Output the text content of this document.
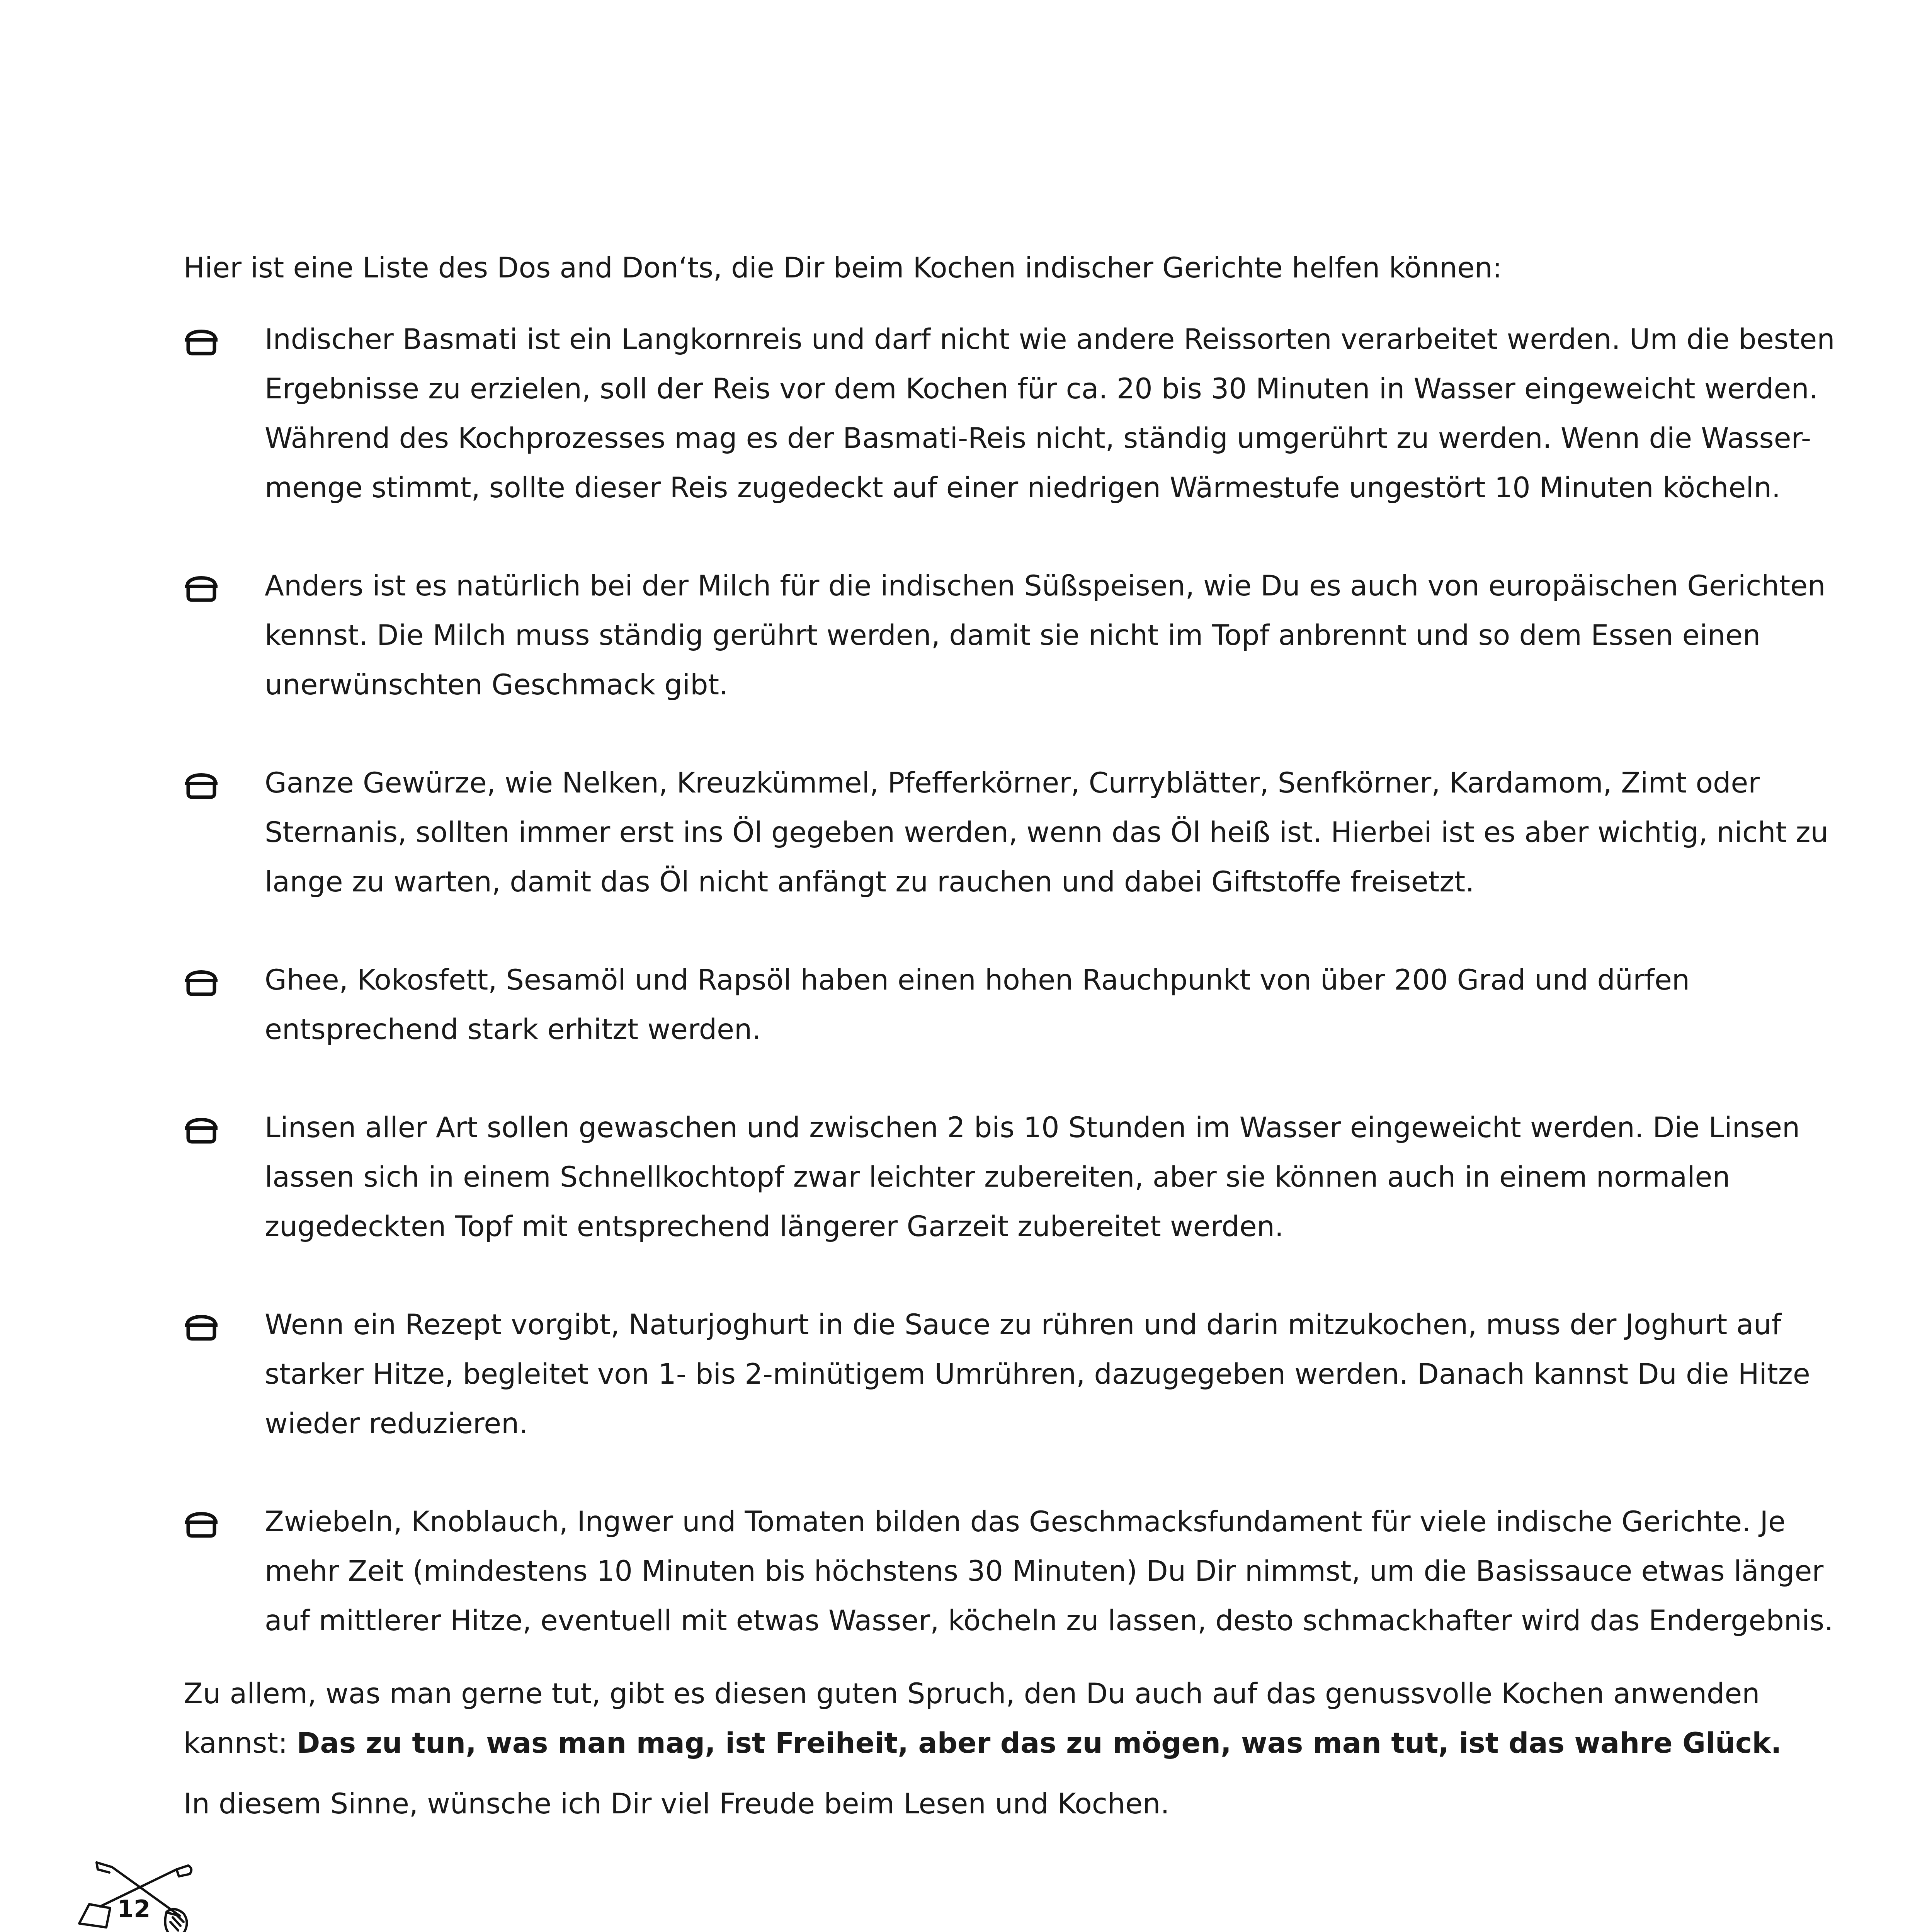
Hier ist eine Liste des Dos and Don‘ts, die Dir beim Kochen indischer Gerichte helfen können:

Indischer Basmati ist ein Langkornreis und darf nicht wie andere Reissorten verarbeitet werden. Um die besten Ergebnisse zu erzielen, soll der Reis vor dem Kochen für ca. 20 bis 30 Minuten in Wasser eingeweicht werden. Während des Kochprozesses mag es der Basmati-Reis nicht, ständig umgerührt zu werden. Wenn die Wasser-menge stimmt, sollte dieser Reis zugedeckt auf einer niedrigen Wärmestufe ungestört 10 Minuten köcheln.
Anders ist es natürlich bei der Milch für die indischen Süßspeisen, wie Du es auch von europäischen Gerichten kennst. Die Milch muss ständig gerührt werden, damit sie nicht im Topf anbrennt und so dem Essen einen unerwünschten Geschmack gibt.
Ganze Gewürze, wie Nelken, Kreuzkümmel, Pfefferkörner, Curryblätter, Senfkörner, Kardamom, Zimt oder Sternanis, sollten immer erst ins Öl gegeben werden, wenn das Öl heiß ist. Hierbei ist es aber wichtig, nicht zu lange zu warten, damit das Öl nicht anfängt zu rauchen und dabei Giftstoffe freisetzt.
Ghee, Kokosfett, Sesamöl und Rapsöl haben einen hohen Rauchpunkt von über 200 Grad und dürfen entsprechend stark erhitzt werden.
Linsen aller Art sollen gewaschen und zwischen 2 bis 10 Stunden im Wasser eingeweicht werden. Die Linsen lassen sich in einem Schnellkochtopf zwar leichter zubereiten, aber sie können auch in einem normalen zugedeckten Topf mit entsprechend längerer Garzeit zubereitet werden.
Wenn ein Rezept vorgibt, Naturjoghurt in die Sauce zu rühren und darin mitzukochen, muss der Joghurt auf starker Hitze, begleitet von 1- bis 2-minütigem Umrühren, dazugegeben werden. Danach kannst Du die Hitze wieder reduzieren.
Zwiebeln, Knoblauch, Ingwer und Tomaten bilden das Geschmacksfundament für viele indische Gerichte. Je mehr Zeit (mindestens 10 Minuten bis höchstens 30 Minuten) Du Dir nimmst, um die Basissauce etwas länger auf mittlerer Hitze, eventuell mit etwas Wasser, köcheln zu lassen, desto schmackhafter wird das Endergebnis.

Zu allem, was man gerne tut, gibt es diesen guten Spruch, den Du auch auf das genussvolle Kochen anwenden kannst: Das zu tun, was man mag, ist Freiheit, aber das zu mögen, was man tut, ist das wahre Glück.

In diesem Sinne, wünsche ich Dir viel Freude beim Lesen und Kochen.

12
